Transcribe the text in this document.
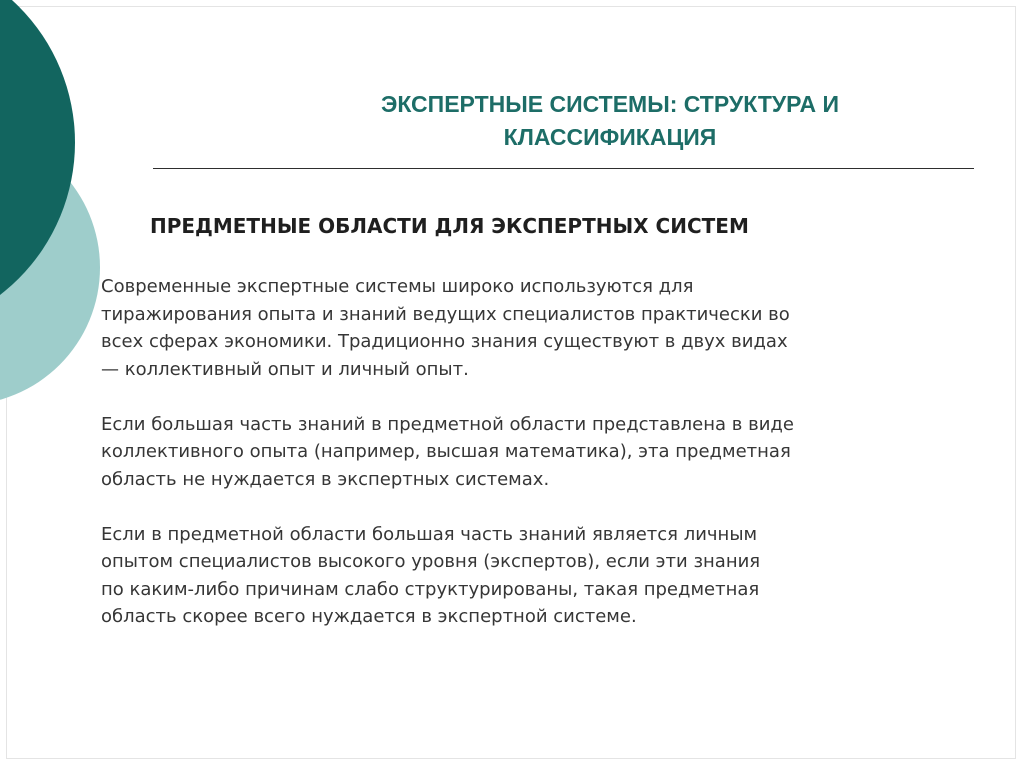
ЭКСПЕРТНЫЕ СИСТЕМЫ: СТРУКТУРА И
КЛАССИФИКАЦИЯ
ПРЕДМЕТНЫЕ ОБЛАСТИ ДЛЯ ЭКСПЕРТНЫХ СИСТЕМ

Современные экспертные системы широко используются для
тиражирования опыта и знаний ведущих специалистов практически во
всех сферах экономики. Традиционно знания существуют в двух видах
— коллективный опыт и личный опыт.

Если большая часть знаний в предметной области представлена в виде
коллективного опыта (например, высшая математика), эта предметная
область не нуждается в экспертных системах.

Если в предметной области большая часть знаний является личным
опытом специалистов высокого уровня (экспертов), если эти знания
по каким-либо причинам слабо структурированы, такая предметная
область скорее всего нуждается в экспертной системе.
